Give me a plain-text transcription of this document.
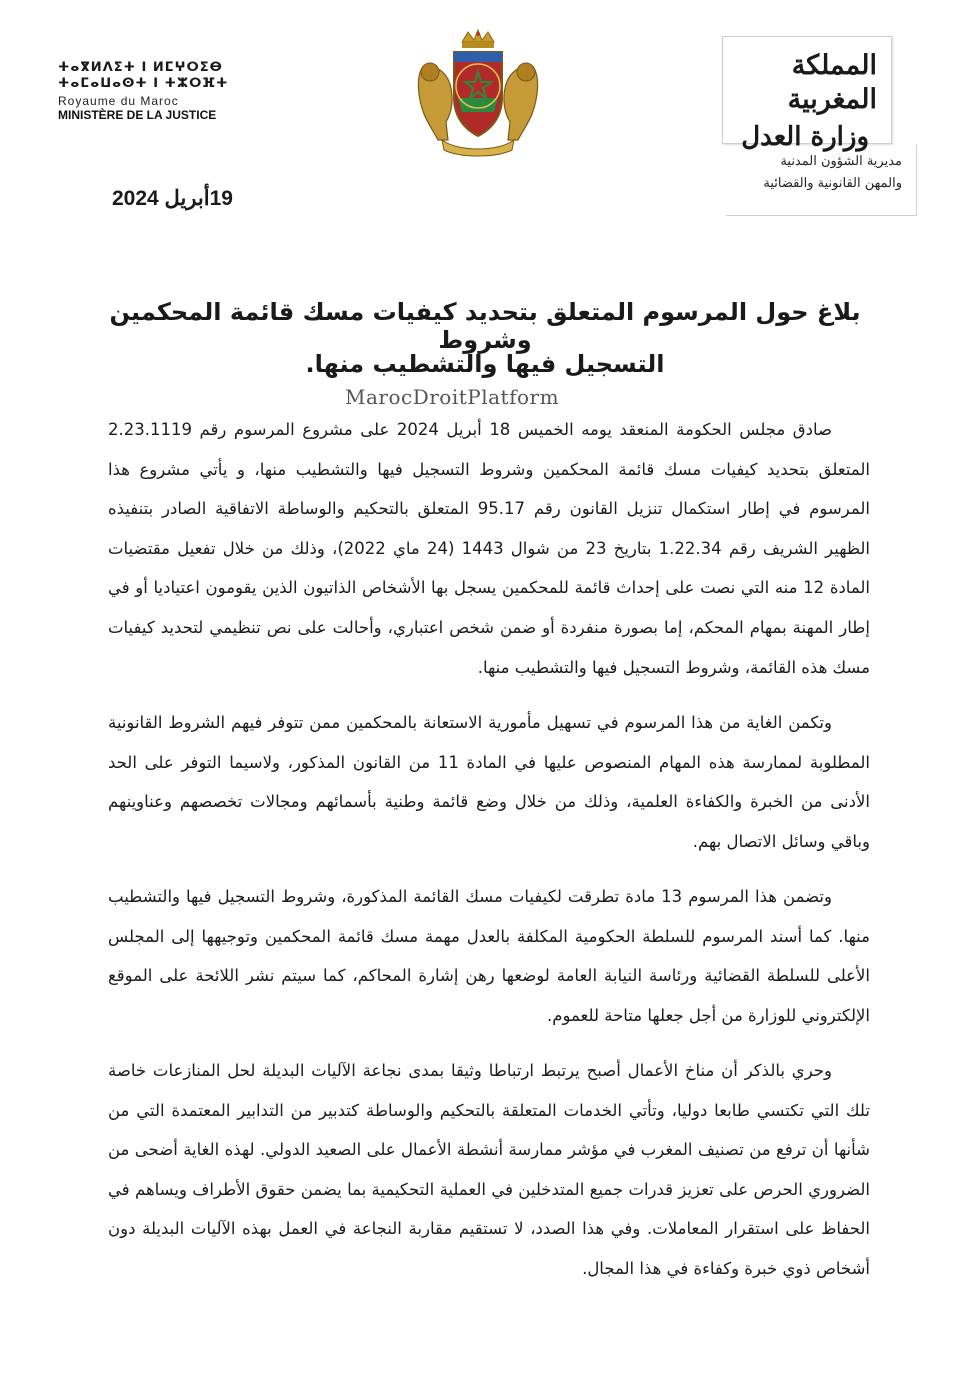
ⵜⴰⴳⵍⴷⵉⵜ ⵏ ⵍⵎⵖⵔⵉⴱ
ⵜⴰⵎⴰⵡⴰⵙⵜ ⵏ ⵜⵣⵔⴼⵜ
Royaume du Maroc
MINISTÈRE DE LA JUSTICE
المملكة المغربية
وزارة العدل
مديرية الشؤون المدنية
والمهن القانونية والقضائية
19أبريل 2024
بلاغ حول المرسوم المتعلق بتحديد كيفيات مسك قائمة المحكمين وشروط
التسجيل فيها والتشطيب منها.
MarocDroitPlatform

صادق مجلس الحكومة المنعقد يومه الخميس 18 أبريل 2024 على مشروع المرسوم رقم 2.23.1119 المتعلق بتحديد كيفيات مسك قائمة المحكمين وشروط التسجيل فيها والتشطيب منها، و يأتي مشروع هذا المرسوم في إطار استكمال تنزيل القانون رقم 95.17 المتعلق بالتحكيم والوساطة الاتفاقية الصادر بتنفيذه الظهير الشريف رقم 1.22.34 بتاريخ 23 من شوال 1443 (24 ماي 2022)، وذلك من خلال تفعيل مقتضيات المادة 12 منه التي نصت على إحداث قائمة للمحكمين يسجل بها الأشخاص الذاتيون الذين يقومون اعتياديا أو في إطار المهنة بمهام المحكم، إما بصورة منفردة أو ضمن شخص اعتباري، وأحالت على نص تنظيمي لتحديد كيفيات مسك هذه القائمة، وشروط التسجيل فيها والتشطيب منها.

وتكمن الغاية من هذا المرسوم في تسهيل مأمورية الاستعانة بالمحكمين ممن تتوفر فيهم الشروط القانونية المطلوبة لممارسة هذه المهام المنصوص عليها في المادة 11 من القانون المذكور، ولاسيما التوفر على الحد الأدنى من الخبرة والكفاءة العلمية، وذلك من خلال وضع قائمة وطنية بأسمائهم ومجالات تخصصهم وعناوينهم وباقي وسائل الاتصال بهم.

وتضمن هذا المرسوم 13 مادة تطرقت لكيفيات مسك القائمة المذكورة، وشروط التسجيل فيها والتشطيب منها. كما أسند المرسوم للسلطة الحكومية المكلفة بالعدل مهمة مسك قائمة المحكمين وتوجيهها إلى المجلس الأعلى للسلطة القضائية ورئاسة النيابة العامة لوضعها رهن إشارة المحاكم، كما سيتم نشر اللائحة على الموقع الإلكتروني للوزارة من أجل جعلها متاحة للعموم.

وحري بالذكر أن مناخ الأعمال أصبح يرتبط ارتباطا وثيقا بمدى نجاعة الآليات البديلة لحل المنازعات خاصة تلك التي تكتسي طابعا دوليا، وتأتي الخدمات المتعلقة بالتحكيم والوساطة كتدبير من التدابير المعتمدة التي من شأنها أن ترفع من تصنيف المغرب في مؤشر ممارسة أنشطة الأعمال على الصعيد الدولي. لهذه الغاية أضحى من الضروري الحرص على تعزيز قدرات جميع المتدخلين في العملية التحكيمية بما يضمن حقوق الأطراف ويساهم في الحفاظ على استقرار المعاملات. وفي هذا الصدد، لا تستقيم مقاربة النجاعة في العمل بهذه الآليات البديلة دون أشخاص ذوي خبرة وكفاءة في هذا المجال.
